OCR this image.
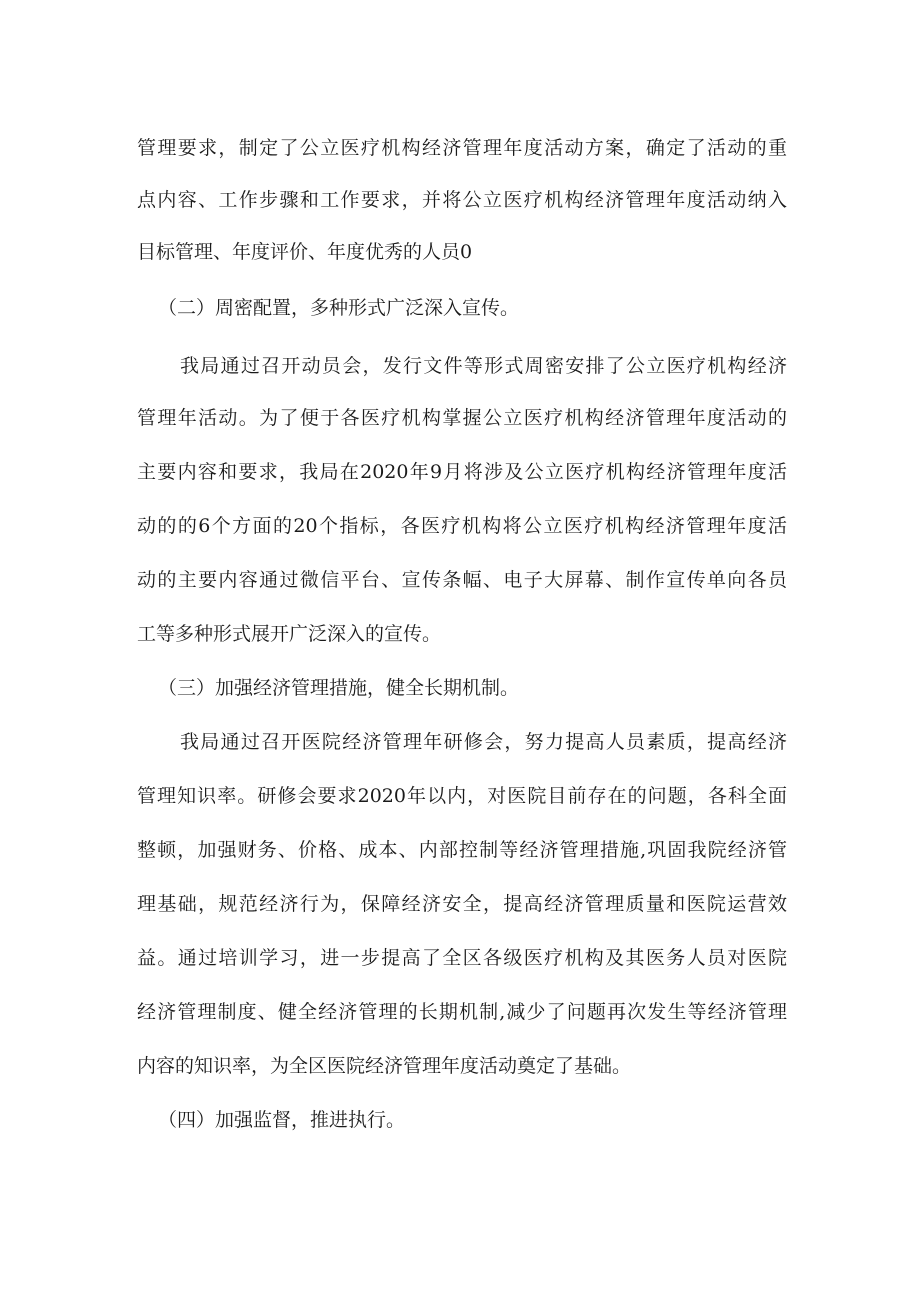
管理要求，制定了公立医疗机构经济管理年度活动方案，确定了活动的重
点内容、工作步骤和工作要求，并将公立医疗机构经济管理年度活动纳入
目标管理、年度评价、年度优秀的人员0
（二）周密配置，多种形式广泛深入宣传。
我局通过召开动员会，发行文件等形式周密安排了公立医疗机构经济
管理年活动。为了便于各医疗机构掌握公立医疗机构经济管理年度活动的
主要内容和要求，我局在2020年9月将涉及公立医疗机构经济管理年度活
动的的6个方面的20个指标，各医疗机构将公立医疗机构经济管理年度活
动的主要内容通过微信平台、宣传条幅、电子大屏幕、制作宣传单向各员
工等多种形式展开广泛深入的宣传。
（三）加强经济管理措施，健全长期机制。
我局通过召开医院经济管理年研修会，努力提高人员素质，提高经济
管理知识率。研修会要求2020年以内，对医院目前存在的问题，各科全面
整顿，加强财务、价格、成本、内部控制等经济管理措施,巩固我院经济管
理基础，规范经济行为，保障经济安全，提高经济管理质量和医院运营效
益。通过培训学习，进一步提高了全区各级医疗机构及其医务人员对医院
经济管理制度、健全经济管理的长期机制,减少了问题再次发生等经济管理
内容的知识率，为全区医院经济管理年度活动奠定了基础。
（四）加强监督，推进执行。
